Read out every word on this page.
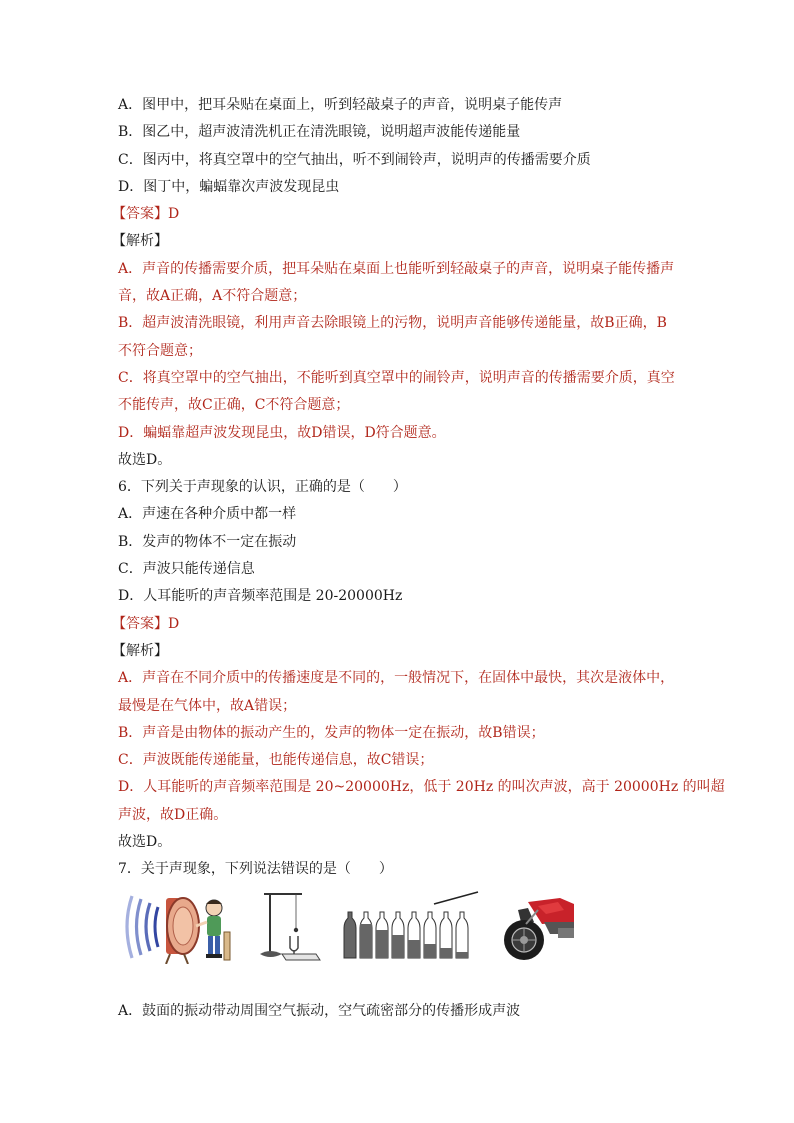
A．图甲中，把耳朵贴在桌面上，听到轻敲桌子的声音，说明桌子能传声
B．图乙中，超声波清洗机正在清洗眼镜，说明超声波能传递能量
C．图丙中，将真空罩中的空气抽出，听不到闹铃声，说明声的传播需要介质
D．图丁中，蝙蝠靠次声波发现昆虫
【答案】D
【解析】
A．声音的传播需要介质，把耳朵贴在桌面上也能听到轻敲桌子的声音，说明桌子能传播声
音，故A正确，A不符合题意；
B．超声波清洗眼镜，利用声音去除眼镜上的污物，说明声音能够传递能量，故B正确，B
不符合题意；
C．将真空罩中的空气抽出，不能听到真空罩中的闹铃声，说明声音的传播需要介质，真空
不能传声，故C正确，C不符合题意；
D．蝙蝠靠超声波发现昆虫，故D错误，D符合题意。
故选D。
6．下列关于声现象的认识，正确的是（　　）
A．声速在各种介质中都一样
B．发声的物体不一定在振动
C．声波只能传递信息
D．人耳能听的声音频率范围是 20-20000Hz
【答案】D
【解析】
A．声音在不同介质中的传播速度是不同的，一般情况下，在固体中最快，其次是液体中，
最慢是在气体中，故A错误；
B．声音是由物体的振动产生的，发声的物体一定在振动，故B错误；
C．声波既能传递能量，也能传递信息，故C错误；
D．人耳能听的声音频率范围是 20~20000Hz，低于 20Hz 的叫次声波，高于 20000Hz 的叫超
声波，故D正确。
故选D。
7．关于声现象，下列说法错误的是（　　）
A．鼓面的振动带动周围空气振动，空气疏密部分的传播形成声波
